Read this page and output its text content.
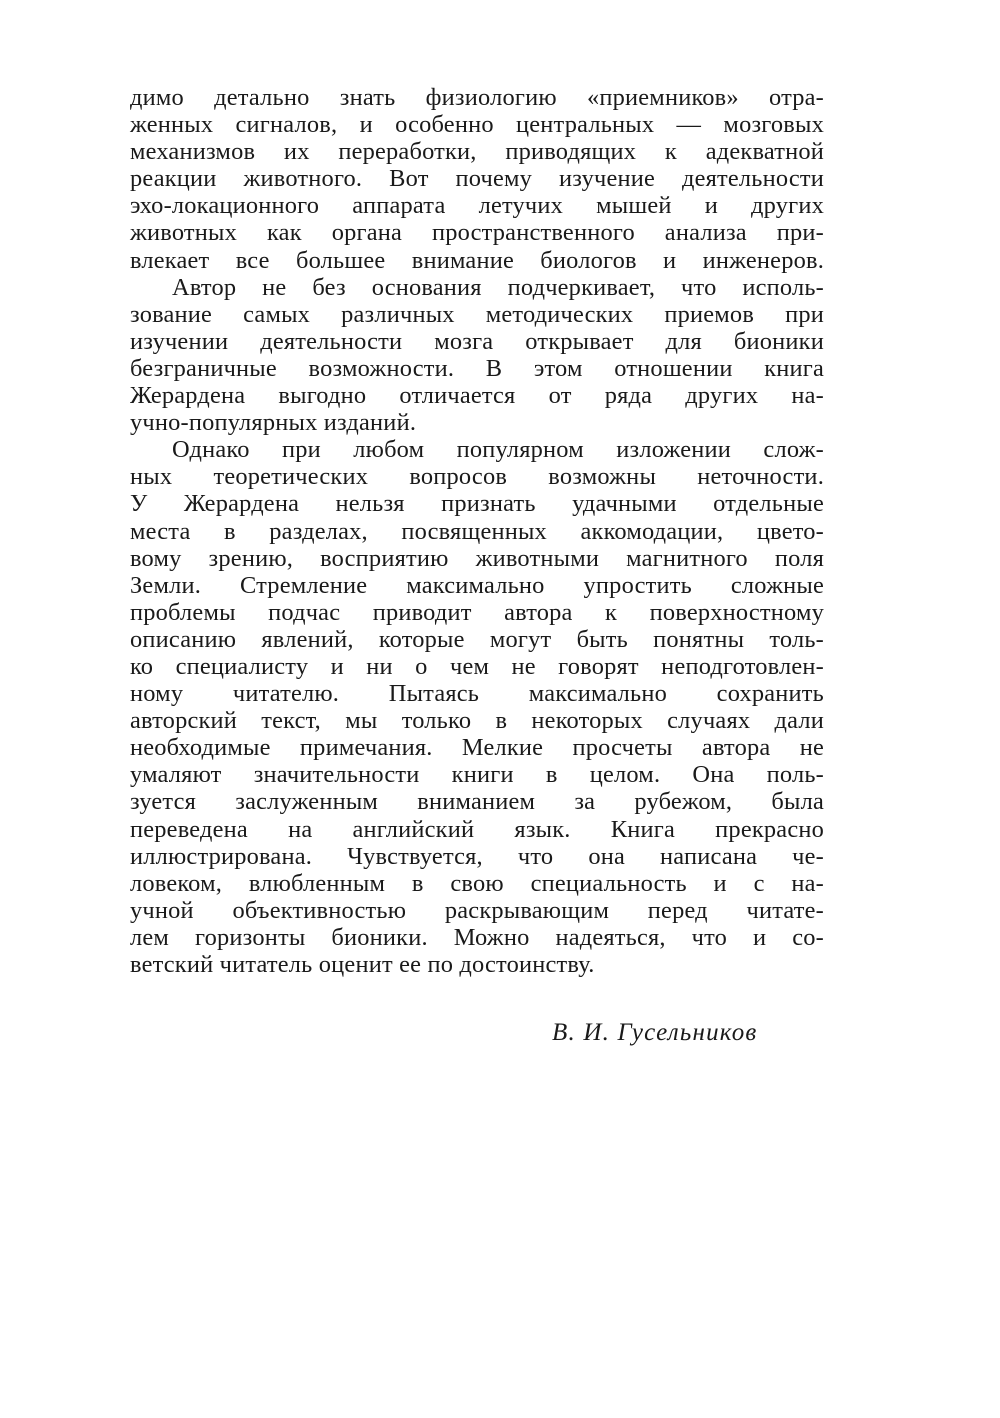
димо детально знать физиологию «приемников» отра-
женных сигналов, и особенно центральных — мозговых
механизмов их переработки, приводящих к адекватной
реакции животного. Вот почему изучение деятельности
эхо-локационного аппарата летучих мышей и других
животных как органа пространственного анализа при-
влекает все большее внимание биологов и инженеров.
Автор не без основания подчеркивает, что исполь-
зование самых различных методических приемов при
изучении деятельности мозга открывает для бионики
безграничные возможности. В этом отношении книга
Жерардена выгодно отличается от ряда других на-
учно-популярных изданий.
Однако при любом популярном изложении слож-
ных теоретических вопросов возможны неточности.
У Жерардена нельзя признать удачными отдельные
места в разделах, посвященных аккомодации, цвето-
вому зрению, восприятию животными магнитного поля
Земли. Стремление максимально упростить сложные
проблемы подчас приводит автора к поверхностному
описанию явлений, которые могут быть понятны толь-
ко специалисту и ни о чем не говорят неподготовлен-
ному читателю. Пытаясь максимально сохранить
авторский текст, мы только в некоторых случаях дали
необходимые примечания. Мелкие просчеты автора не
умаляют значительности книги в целом. Она поль-
зуется заслуженным вниманием за рубежом, была
переведена на английский язык. Книга прекрасно
иллюстрирована. Чувствуется, что она написана че-
ловеком, влюбленным в свою специальность и с на-
учной объективностью раскрывающим перед читате-
лем горизонты бионики. Можно надеяться, что и со-
ветский читатель оценит ее по достоинству.
В. И. Гусельников
